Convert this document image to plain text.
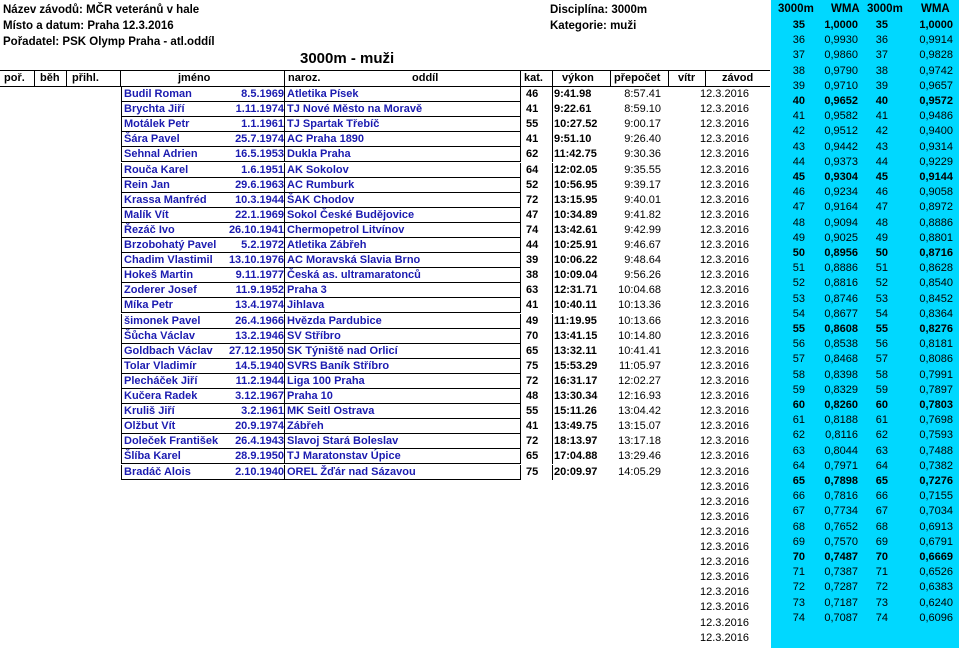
Název závodů: MČR veteránů v hale
Místo a datum: Praha 12.3.2016
Pořadatel: PSK Olymp Praha - atl.oddíl
Disciplína: 3000m
Kategorie: muži
3000m - muži
poř. běh přihl.	jméno	naroz.	oddíl	kat. výkon přepočet vítr závod
Budil Roman	8.5.1969 Atletika Písek	46 9:41.98	8:57.41	12.3.2016
Brychta Jiří	1.11.1974 TJ Nové Město na Moravě	41 9:22.61	8:59.10	12.3.2016
Motálek Petr	1.1.1961 TJ Spartak Třebíč	55 10:27.52	9:00.17	12.3.2016
Šára Pavel	25.7.1974 AC Praha 1890	41 9:51.10	9:26.40	12.3.2016
Sehnal Adrien	16.5.1953 Dukla Praha	62 11:42.75	9:30.36	12.3.2016
Rouča Karel	1.6.1951 AK Sokolov	64 12:02.05	9:35.55	12.3.2016
Rein Jan	29.6.1963 AC Rumburk	52 10:56.95	9:39.17	12.3.2016
Krassa Manfréd	10.3.1944 ŠAK Chodov	72 13:15.95	9:40.01	12.3.2016
Malík Vít	22.1.1969 Sokol České Budějovice	47 10:34.89	9:41.82	12.3.2016
Řezáč Ivo	26.10.1941 Chermopetrol Litvínov	74 13:42.61	9:42.99	12.3.2016
Brzobohatý Pavel	5.2.1972 Atletika Zábřeh	44 10:25.91	9:46.67	12.3.2016
Chadim Vlastimil	13.10.1976 AC Moravská Slavia Brno	39 10:06.22	9:48.64	12.3.2016
Hokeš Martin	9.11.1977 Česká as. ultramaratonců	38 10:09.04	9:56.26	12.3.2016
Zoderer Josef	11.9.1952 Praha 3	63 12:31.71 10:04.68	12.3.2016
Míka Petr	13.4.1974 Jihlava	41 10:40.11 10:13.36	12.3.2016
šimonek Pavel	26.4.1966 Hvězda Pardubice	49 11:19.95 10:13.66	12.3.2016
Šůcha Václav	13.2.1946 SV Stříbro	70 13:41.15 10:14.80	12.3.2016
Goldbach Václav	27.12.1950 SK Týniště nad Orlicí	65 13:32.11 10:41.41	12.3.2016
Tolar Vladimír	14.5.1940 SVRS Baník Stříbro	75 15:53.29 11:05.97	12.3.2016
Plecháček Jiří	11.2.1944 Liga 100 Praha	72 16:31.17 12:02.27	12.3.2016
Kučera Radek	3.12.1967 Praha 10	48 13:30.34 12:16.93	12.3.2016
Kruliš Jiří	3.2.1961 MK Seitl Ostrava	55 15:11.26 13:04.42	12.3.2016
Olžbut Vít	20.9.1974 Zábřeh	41 13:49.75 13:15.07	12.3.2016
Doleček František	26.4.1943 Slavoj Stará Boleslav	72 18:13.97 13:17.18	12.3.2016
Šlíba Karel	28.9.1950 TJ Maratonstav Úpice	65 17:04.88 13:29.46	12.3.2016
Bradáč Alois	2.10.1940 OREL Žďár nad Sázavou	75 20:09.97 14:05.29	12.3.2016
12.3.2016
12.3.2016
12.3.2016
12.3.2016
12.3.2016
12.3.2016
12.3.2016
12.3.2016
12.3.2016
12.3.2016
12.3.2016
3000m WMA 3000m WMA
35	1,0000	35	1,0000
36	0,9930	36	0,9914
37	0,9860	37	0,9828
38	0,9790	38	0,9742
39	0,9710	39	0,9657
40	0,9652	40	0,9572
41	0,9582	41	0,9486
42	0,9512	42	0,9400
43	0,9442	43	0,9314
44	0,9373	44	0,9229
45	0,9304	45	0,9144
46	0,9234	46	0,9058
47	0,9164	47	0,8972
48	0,9094	48	0,8886
49	0,9025	49	0,8801
50	0,8956	50	0,8716
51	0,8886	51	0,8628
52	0,8816	52	0,8540
53	0,8746	53	0,8452
54	0,8677	54	0,8364
55	0,8608	55	0,8276
56	0,8538	56	0,8181
57	0,8468	57	0,8086
58	0,8398	58	0,7991
59	0,8329	59	0,7897
60	0,8260	60	0,7803
61	0,8188	61	0,7698
62	0,8116	62	0,7593
63	0,8044	63	0,7488
64	0,7971	64	0,7382
65	0,7898	65	0,7276
66	0,7816	66	0,7155
67	0,7734	67	0,7034
68	0,7652	68	0,6913
69	0,7570	69	0,6791
70	0,7487	70	0,6669
71	0,7387	71	0,6526
72	0,7287	72	0,6383
73	0,7187	73	0,6240
74	0,7087	74	0,6096
